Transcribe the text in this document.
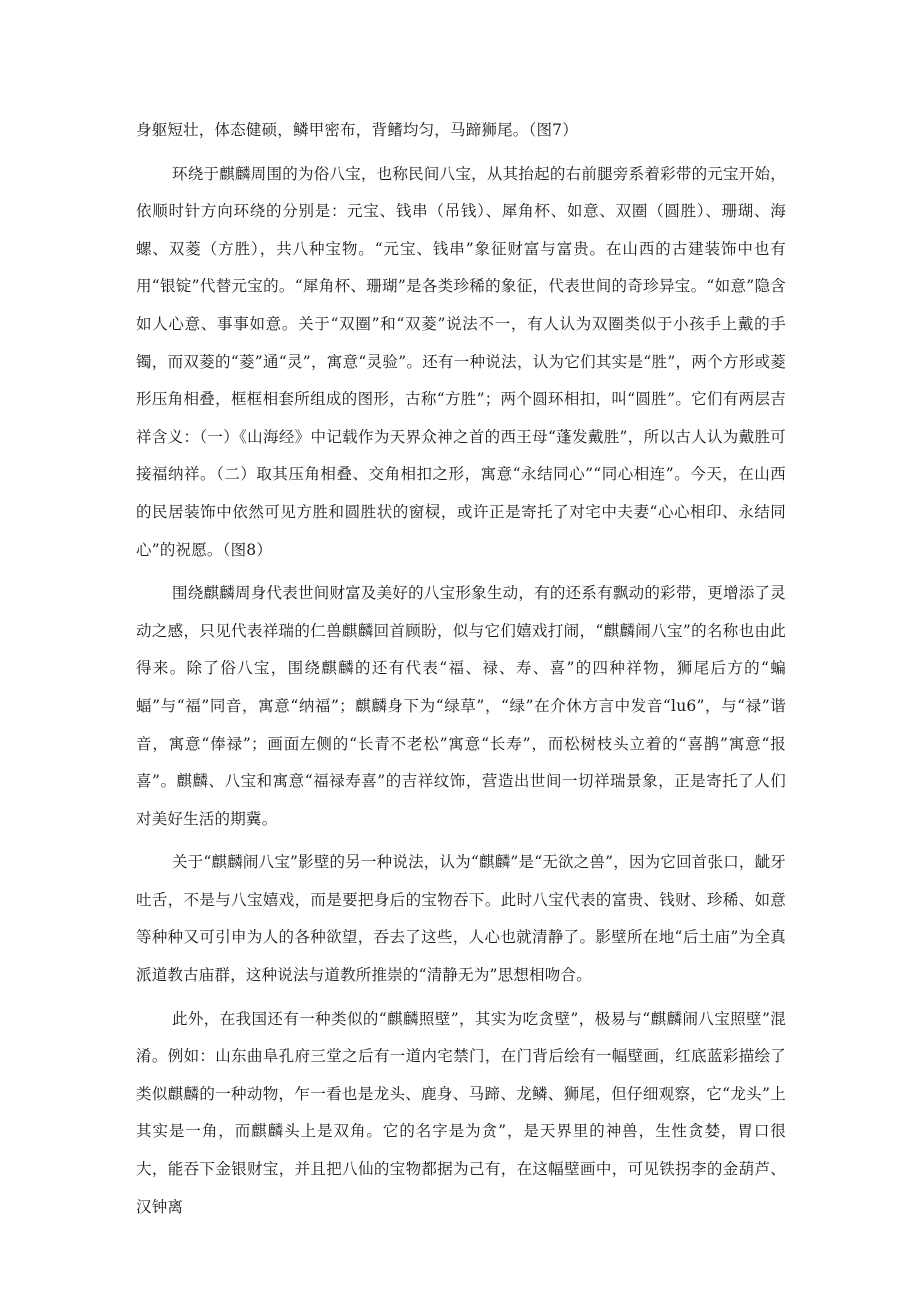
身躯短壮，体态健硕，鳞甲密布，背鳍均匀，马蹄狮尾。（图7）

环绕于麒麟周围的为俗八宝，也称民间八宝，从其抬起的右前腿旁系着彩带的元宝开始，依顺时针方向环绕的分别是：元宝、钱串（吊钱）、犀角杯、如意、双圈（圆胜）、珊瑚、海螺、双菱（方胜），共八种宝物。“元宝、钱串”象征财富与富贵。在山西的古建装饰中也有用“银锭”代替元宝的。“犀角杯、珊瑚”是各类珍稀的象征，代表世间的奇珍异宝。“如意”隐含如人心意、事事如意。关于“双圈”和“双菱”说法不一，有人认为双圈类似于小孩手上戴的手镯，而双菱的“菱”通“灵”，寓意“灵验”。还有一种说法，认为它们其实是“胜”，两个方形或菱形压角相叠，框框相套所组成的图形，古称“方胜”；两个圆环相扣，叫“圆胜”。它们有两层吉祥含义：（一）《山海经》中记载作为天界众神之首的西王母“蓬发戴胜”，所以古人认为戴胜可接福纳祥。（二）取其压角相叠、交角相扣之形，寓意“永结同心”“同心相连”。今天，在山西的民居装饰中依然可见方胜和圆胜状的窗棂，或许正是寄托了对宅中夫妻“心心相印、永结同心”的祝愿。（图8）

围绕麒麟周身代表世间财富及美好的八宝形象生动，有的还系有飘动的彩带，更增添了灵动之感，只见代表祥瑞的仁兽麒麟回首顾盼，似与它们嬉戏打闹，“麒麟闹八宝”的名称也由此得来。除了俗八宝，围绕麒麟的还有代表“福、禄、寿、喜”的四种祥物，狮尾后方的“蝙蝠”与“福”同音，寓意“纳福”；麒麟身下为“绿草”，“绿”在介休方言中发音“lu6”，与“禄”谐音，寓意“俸禄”；画面左侧的“长青不老松”寓意“长寿”，而松树枝头立着的“喜鹊”寓意“报喜”。麒麟、八宝和寓意“福禄寿喜”的吉祥纹饰，营造出世间一切祥瑞景象，正是寄托了人们对美好生活的期冀。

关于“麒麟闹八宝”影壁的另一种说法，认为“麒麟”是“无欲之兽”，因为它回首张口，龇牙吐舌，不是与八宝嬉戏，而是要把身后的宝物吞下。此时八宝代表的富贵、钱财、珍稀、如意等种种又可引申为人的各种欲望，吞去了这些，人心也就清静了。影壁所在地“后土庙”为全真派道教古庙群，这种说法与道教所推崇的“清静无为”思想相吻合。

此外，在我国还有一种类似的“麒麟照壁”，其实为吃贪壁”，极易与“麒麟闹八宝照壁”混淆。例如：山东曲阜孔府三堂之后有一道内宅禁门，在门背后绘有一幅壁画，红底蓝彩描绘了类似麒麟的一种动物，乍一看也是龙头、鹿身、马蹄、龙鳞、狮尾，但仔细观察，它“龙头”上其实是一角，而麒麟头上是双角。它的名字是为贪”，是天界里的神兽，生性贪婪，胃口很大，能吞下金银财宝，并且把八仙的宝物都据为己有，在这幅壁画中，可见铁拐李的金葫芦、汉钟离
